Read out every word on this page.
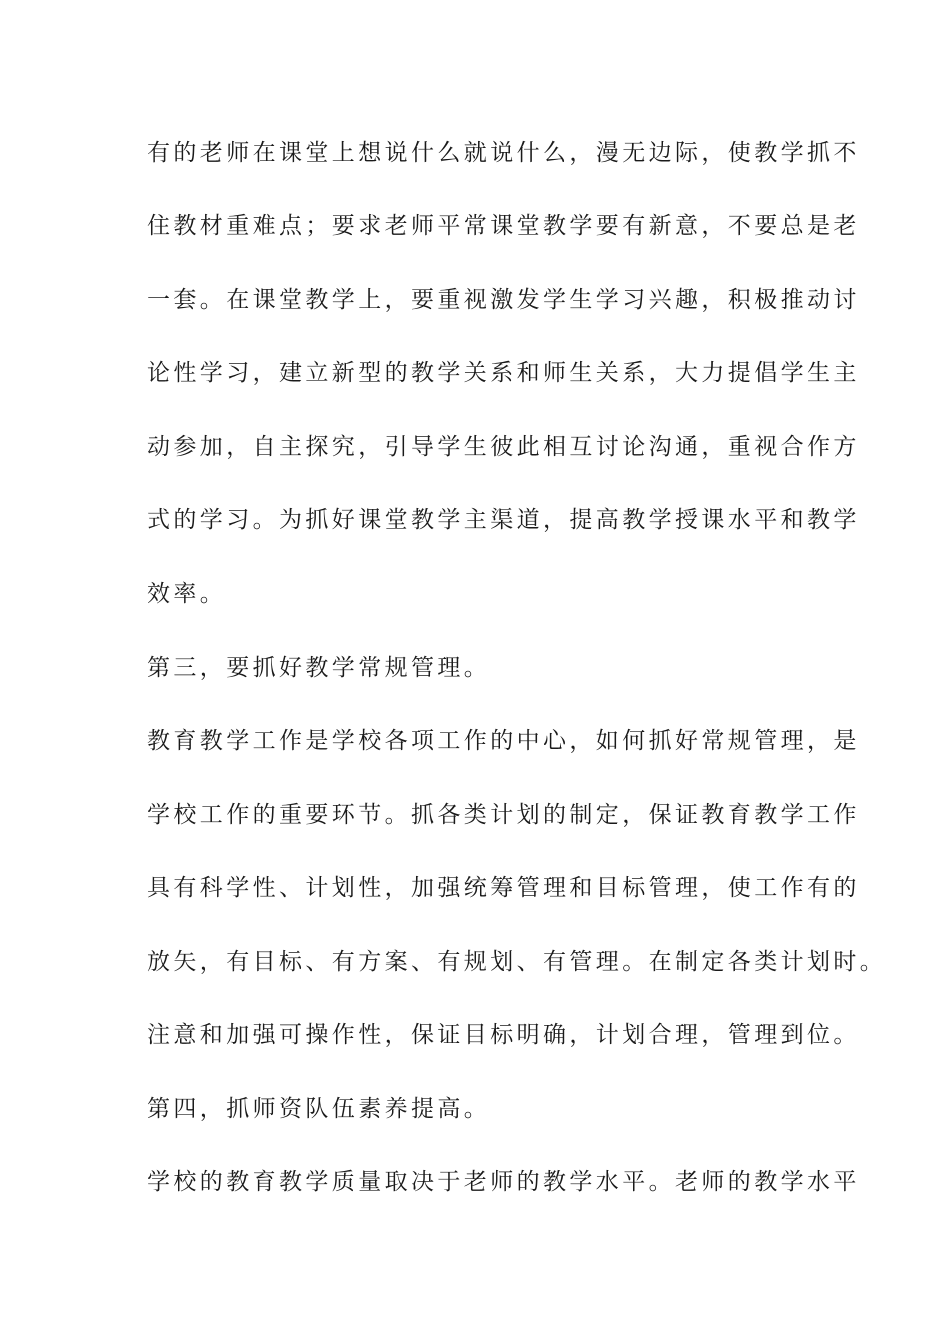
有的老师在课堂上想说什么就说什么，漫无边际，使教学抓不
住教材重难点；要求老师平常课堂教学要有新意，不要总是老
一套。在课堂教学上，要重视激发学生学习兴趣，积极推动讨
论性学习，建立新型的教学关系和师生关系，大力提倡学生主
动参加，自主探究，引导学生彼此相互讨论沟通，重视合作方
式的学习。为抓好课堂教学主渠道，提高教学授课水平和教学
效率。
第三，要抓好教学常规管理。
教育教学工作是学校各项工作的中心，如何抓好常规管理，是
学校工作的重要环节。抓各类计划的制定，保证教育教学工作
具有科学性、计划性，加强统筹管理和目标管理，使工作有的
放矢，有目标、有方案、有规划、有管理。在制定各类计划时。
注意和加强可操作性，保证目标明确，计划合理，管理到位。
第四，抓师资队伍素养提高。
学校的教育教学质量取决于老师的教学水平。老师的教学水平
